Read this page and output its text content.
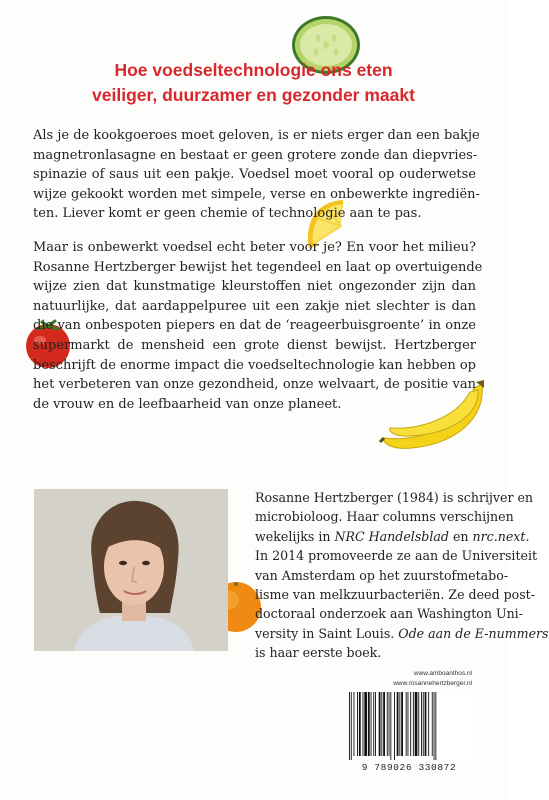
Hoe voedseltechnologie ons eten
veiliger, duurzamer en gezonder maakt
Als je de kookgoeroes moet geloven, is er niets erger dan een bakje
magnetronlasagne en bestaat er geen grotere zonde dan diepvries-
spinazie of saus uit een pakje. Voedsel moet vooral op ouderwetse
wijze gekookt worden met simpele, verse en onbewerkte ingrediën-
ten. Liever komt er geen chemie of technologie aan te pas.
Maar is onbewerkt voedsel echt beter voor je? En voor het milieu?
Rosanne Hertzberger bewijst het tegendeel en laat op overtuigende
wijze zien dat kunstmatige kleurstoffen niet ongezonder zijn dan
natuurlijke, dat aardappelpuree uit een zakje niet slechter is dan
die van onbespoten piepers en dat de ‘reageerbuisgroente’ in onze
supermarkt de mensheid een grote dienst bewijst. Hertzberger
beschrijft de enorme impact die voedseltechnologie kan hebben op
het verbeteren van onze gezondheid, onze welvaart, de positie van
de vrouw en de leefbaarheid van onze planeet.
Rosanne Hertzberger (1984) is schrijver en
microbioloog. Haar columns verschijnen
wekelijks in NRC Handelsblad en nrc.next.
In 2014 promoveerde ze aan de Universiteit
van Amsterdam op het zuurstofmetabo-
lisme van melkzuurbacteriën. Ze deed post-
doctoraal onderzoek aan Washington Uni-
versity in Saint Louis. Ode aan de E-nummers
is haar eerste boek.
www.amboanthos.nl
www.rosannehertzberger.nl
9 789026 330872
